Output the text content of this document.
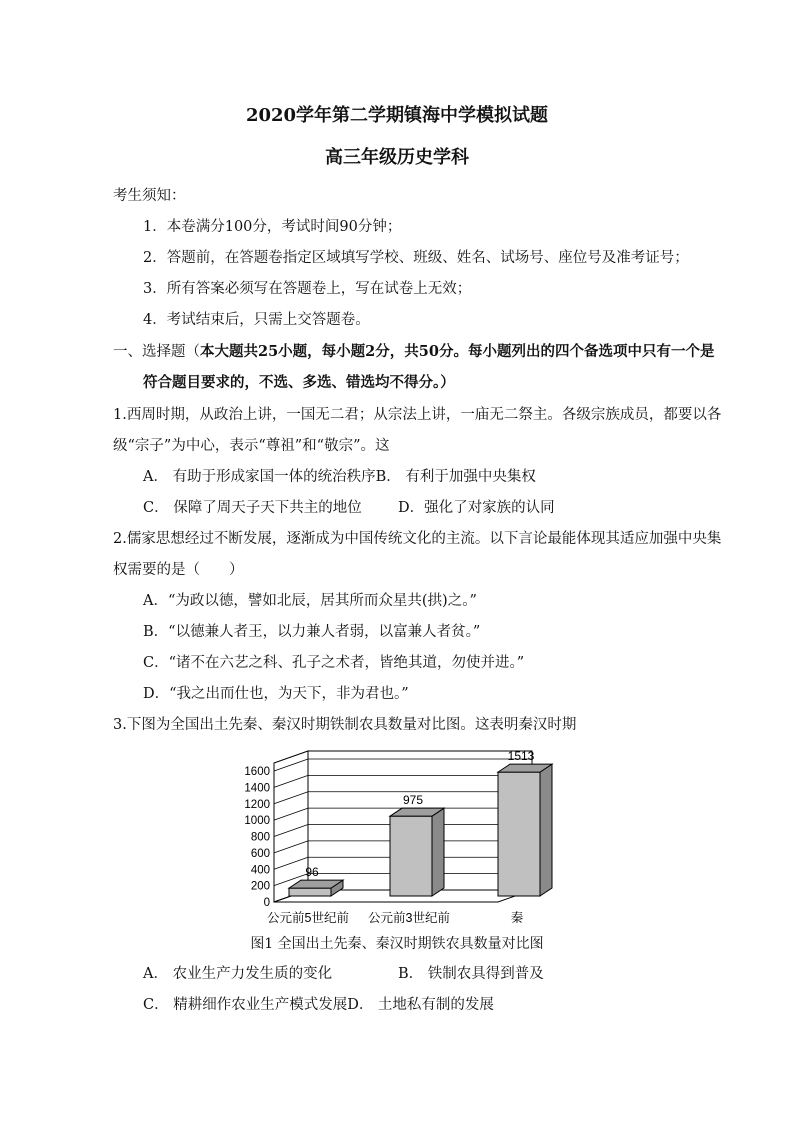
2020学年第二学期镇海中学模拟试题
高三年级历史学科
考生须知：
1．本卷满分100分，考试时间90分钟；
2．答题前，在答题卷指定区域填写学校、班级、姓名、试场号、座位号及准考证号；
3．所有答案必须写在答题卷上，写在试卷上无效；
4．考试结束后，只需上交答题卷。
一、选择题（本大题共25小题，每小题2分，共50分。每小题列出的四个备选项中只有一个是
符合题目要求的，不选、多选、错选均不得分。）
1.西周时期，从政治上讲，一国无二君；从宗法上讲，一庙无二祭主。各级宗族成员，都要以各
级“宗子”为中心，表示“尊祖”和“敬宗”。这
A． 有助于形成家国一体的统治秩序B． 有利于加强中央集权
C． 保障了周天子天下共主的地位	D．强化了对家族的认同
2.儒家思想经过不断发展，逐渐成为中国传统文化的主流。以下言论最能体现其适应加强中央集
权需要的是（　　）
A．“为政以德，譬如北辰，居其所而众星共(拱)之。”
B．“以德兼人者王，以力兼人者弱，以富兼人者贫。”
C．“诸不在六艺之科、孔子之术者，皆绝其道，勿使并进。”
D．“我之出而仕也，为天下，非为君也。”
3.下图为全国出土先秦、秦汉时期铁制农具数量对比图。这表明秦汉时期
0
200
400
600
800
1000
1200
1400
1600
96
975
1513
公元前5世纪前 公元前3世纪前	秦
图1 全国出土先秦、秦汉时期铁农具数量对比图
A． 农业生产力发生质的变化	B． 铁制农具得到普及
C． 精耕细作农业生产模式发展D． 土地私有制的发展
